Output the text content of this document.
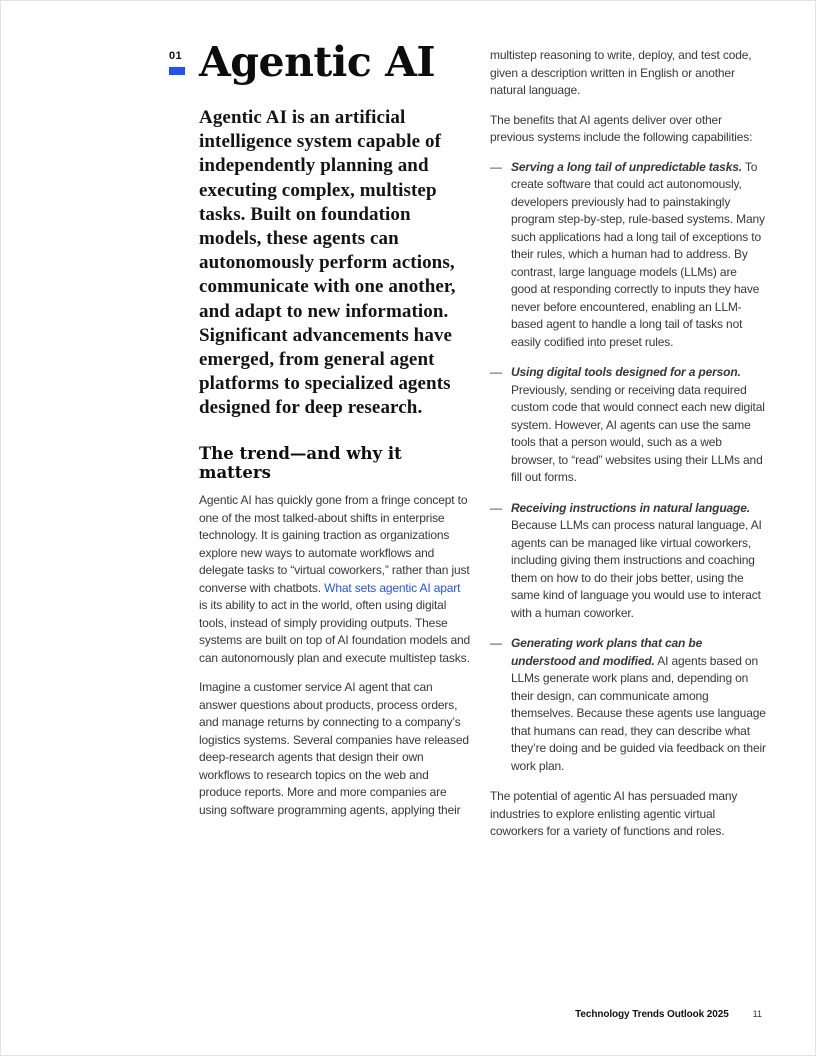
01 Agentic AI

Agentic AI is an artificial intelligence system capable of independently planning and executing complex, multistep tasks. Built on foundation models, these agents can autonomously perform actions, communicate with one another, and adapt to new information. Significant advancements have emerged, from general agent platforms to specialized agents designed for deep research.

The trend—and why it matters

Agentic AI has quickly gone from a fringe concept to one of the most talked-about shifts in enterprise technology. It is gaining traction as organizations explore new ways to automate workflows and delegate tasks to “virtual coworkers,” rather than just converse with chatbots. What sets agentic AI apart is its ability to act in the world, often using digital tools, instead of simply providing outputs. These systems are built on top of AI foundation models and can autonomously plan and execute multistep tasks.

Imagine a customer service AI agent that can answer questions about products, process orders, and manage returns by connecting to a company’s logistics systems. Several companies have released deep-research agents that design their own workflows to research topics on the web and produce reports. More and more companies are using software programming agents, applying their

multistep reasoning to write, deploy, and test code, given a description written in English or another natural language.

The benefits that AI agents deliver over other previous systems include the following capabilities:

— Serving a long tail of unpredictable tasks. To create software that could act autonomously, developers previously had to painstakingly program step-by-step, rule-based systems. Many such applications had a long tail of exceptions to their rules, which a human had to address. By contrast, large language models (LLMs) are good at responding correctly to inputs they have never before encountered, enabling an LLM-based agent to handle a long tail of tasks not easily codified into preset rules.
— Using digital tools designed for a person. Previously, sending or receiving data required custom code that would connect each new digital system. However, AI agents can use the same tools that a person would, such as a web browser, to “read” websites using their LLMs and fill out forms.
— Receiving instructions in natural language. Because LLMs can process natural language, AI agents can be managed like virtual coworkers, including giving them instructions and coaching them on how to do their jobs better, using the same kind of language you would use to interact with a human coworker.
— Generating work plans that can be understood and modified. AI agents based on LLMs generate work plans and, depending on their design, can communicate among themselves. Because these agents use language that humans can read, they can describe what they’re doing and be guided via feedback on their work plan.

The potential of agentic AI has persuaded many industries to explore enlisting agentic virtual coworkers for a variety of functions and roles.

Technology Trends Outlook 2025	11
